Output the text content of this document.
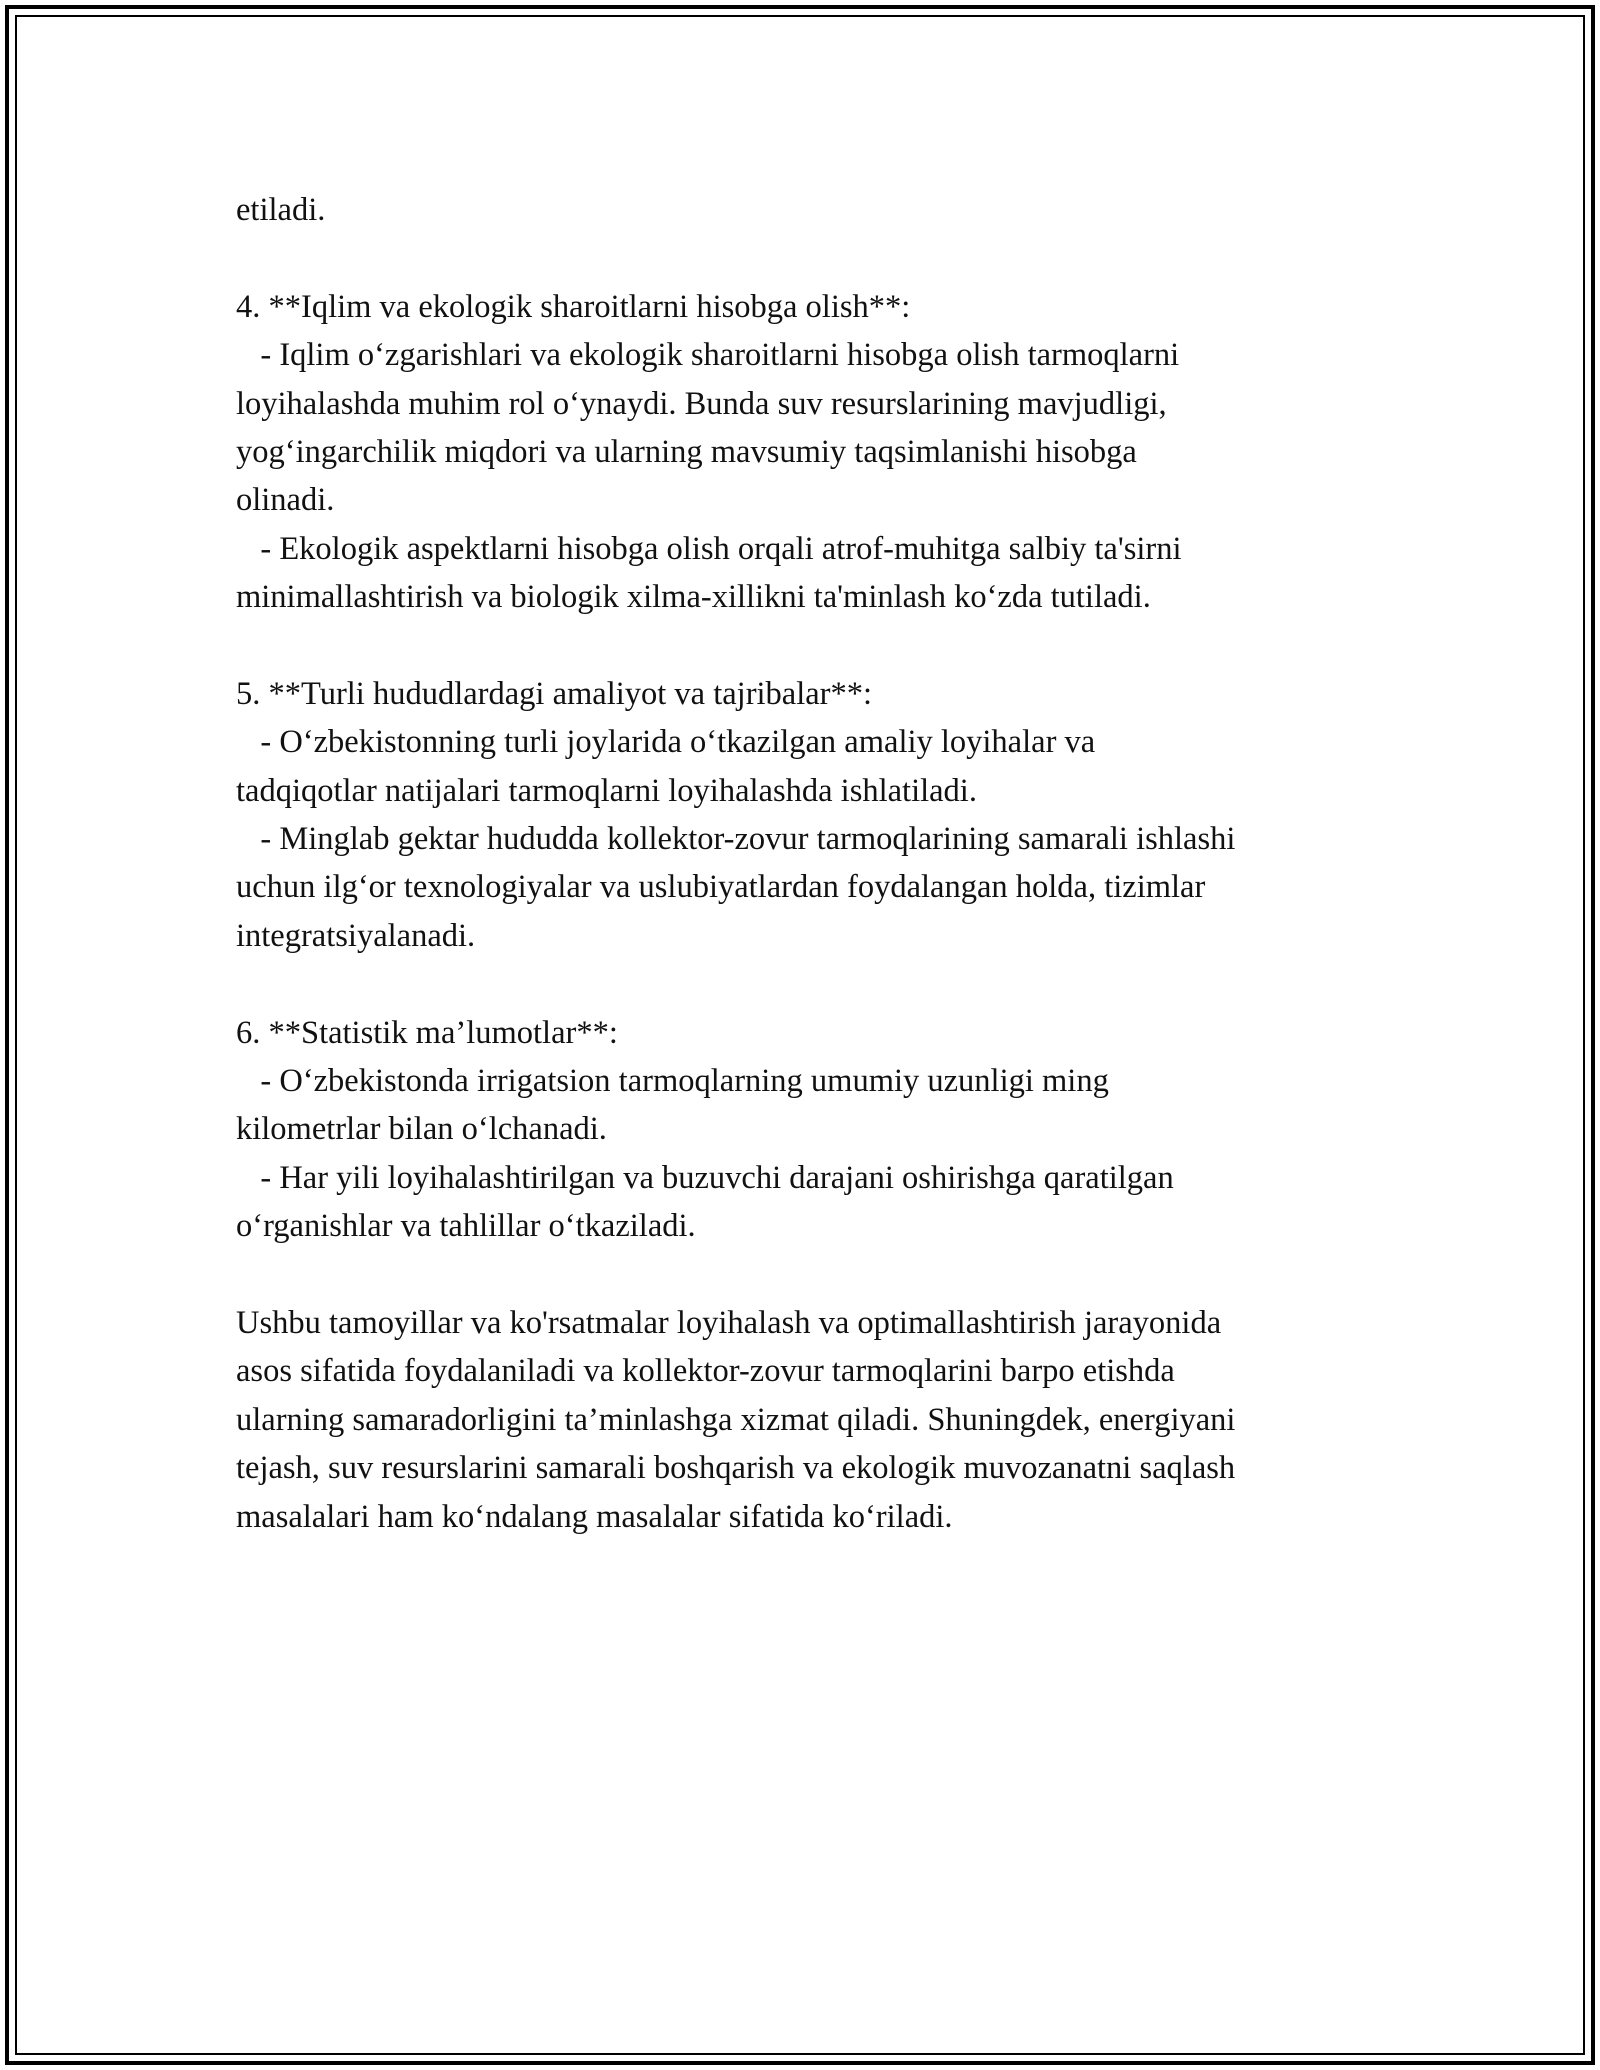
etiladi.
4. **Iqlim va ekologik sharoitlarni hisobga olish**:
- Iqlim o‘zgarishlari va ekologik sharoitlarni hisobga olish tarmoqlarni
loyihalashda muhim rol o‘ynaydi. Bunda suv resurslarining mavjudligi,
yog‘ingarchilik miqdori va ularning mavsumiy taqsimlanishi hisobga
olinadi.
- Ekologik aspektlarni hisobga olish orqali atrof-muhitga salbiy ta'sirni
minimallashtirish va biologik xilma-xillikni ta'minlash ko‘zda tutiladi.
5. **Turli hududlardagi amaliyot va tajribalar**:
- O‘zbekistonning turli joylarida o‘tkazilgan amaliy loyihalar va
tadqiqotlar natijalari tarmoqlarni loyihalashda ishlatiladi.
- Minglab gektar hududda kollektor-zovur tarmoqlarining samarali ishlashi
uchun ilg‘or texnologiyalar va uslubiyatlardan foydalangan holda, tizimlar
integratsiyalanadi.
6. **Statistik ma’lumotlar**:
- O‘zbekistonda irrigatsion tarmoqlarning umumiy uzunligi ming
kilometrlar bilan o‘lchanadi.
- Har yili loyihalashtirilgan va buzuvchi darajani oshirishga qaratilgan
o‘rganishlar va tahlillar o‘tkaziladi.
Ushbu tamoyillar va ko'rsatmalar loyihalash va optimallashtirish jarayonida
asos sifatida foydalaniladi va kollektor-zovur tarmoqlarini barpo etishda
ularning samaradorligini ta’minlashga xizmat qiladi. Shuningdek, energiyani
tejash, suv resurslarini samarali boshqarish va ekologik muvozanatni saqlash
masalalari ham ko‘ndalang masalalar sifatida ko‘riladi.
